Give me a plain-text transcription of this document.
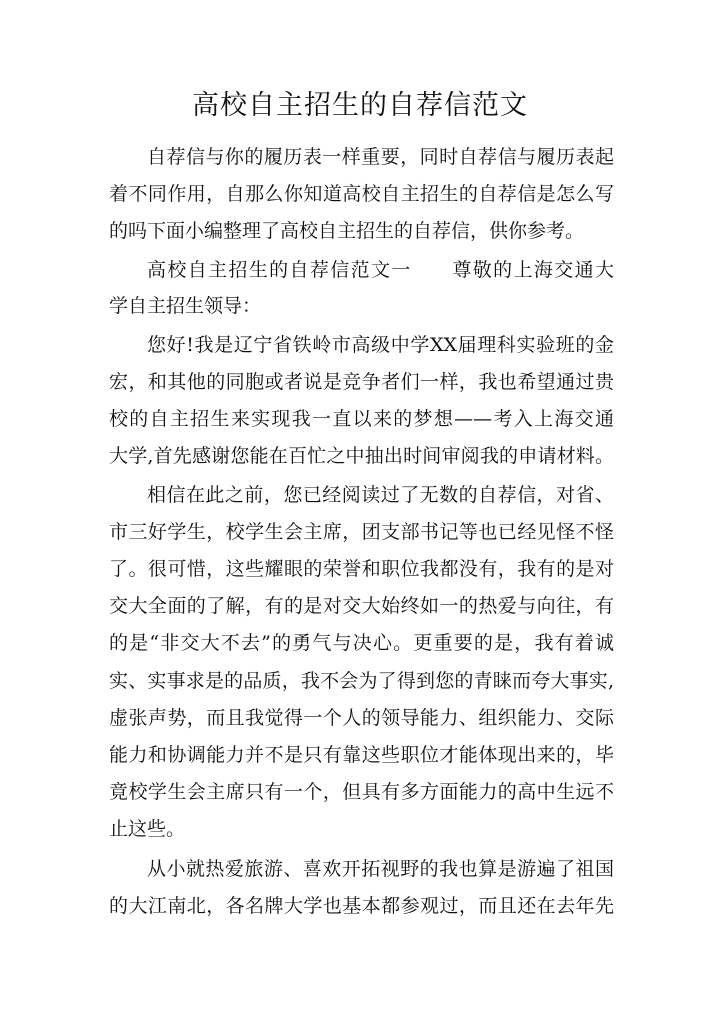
高校自主招生的自荐信范文
自荐信与你的履历表一样重要，同时自荐信与履历表起
着不同作用，自那么你知道高校自主招生的自荐信是怎么写
的吗下面小编整理了高校自主招生的自荐信，供你参考。
高校自主招生的自荐信范文一　　尊敬的上海交通大
学自主招生领导：
您好!我是辽宁省铁岭市高级中学XX届理科实验班的金
宏，和其他的同胞或者说是竞争者们一样，我也希望通过贵
校的自主招生来实现我一直以来的梦想——考入上海交通
大学,首先感谢您能在百忙之中抽出时间审阅我的申请材料。
相信在此之前，您已经阅读过了无数的自荐信，对省、
市三好学生，校学生会主席，团支部书记等也已经见怪不怪
了。很可惜，这些耀眼的荣誉和职位我都没有，我有的是对
交大全面的了解，有的是对交大始终如一的热爱与向往，有
的是“非交大不去”的勇气与决心。更重要的是，我有着诚
实、实事求是的品质，我不会为了得到您的青睐而夸大事实,
虚张声势，而且我觉得一个人的领导能力、组织能力、交际
能力和协调能力并不是只有靠这些职位才能体现出来的，毕
竟校学生会主席只有一个，但具有多方面能力的高中生远不
止这些。
从小就热爱旅游、喜欢开拓视野的我也算是游遍了祖国
的大江南北，各名牌大学也基本都参观过，而且还在去年先
